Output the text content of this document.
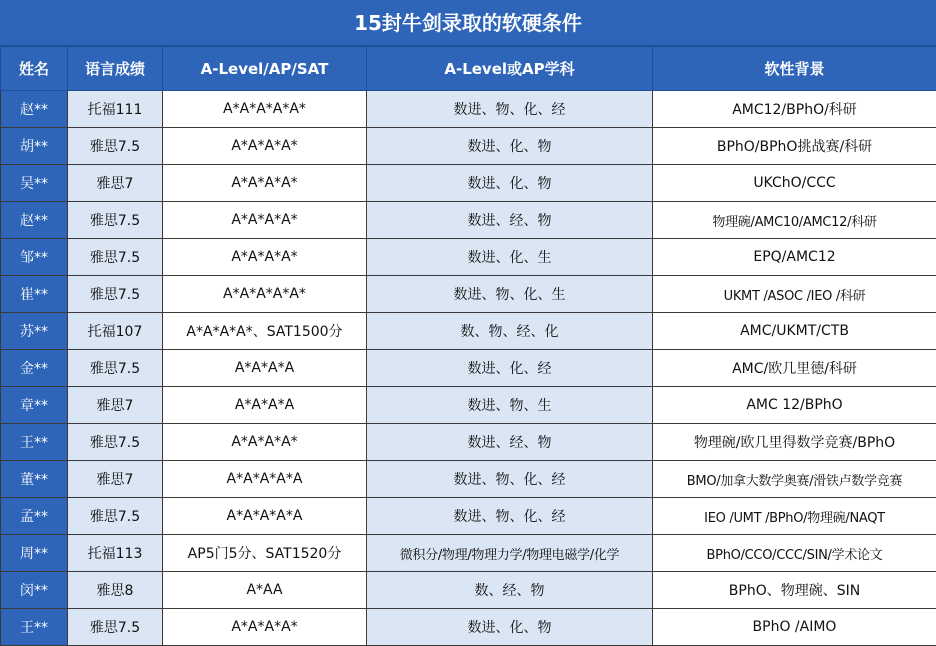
15封牛剑录取的软硬条件
姓名	语言成绩	A-Level/AP/SAT	A-Level或AP学科	软性背景
赵**	托福111	A*A*A*A*A*	数进、物、化、经	AMC12/BPhO/科研
胡**	雅思7.5	A*A*A*A*	数进、化、物	BPhO/BPhO挑战赛/科研
吴**	雅思7	A*A*A*A*	数进、化、物	UKChO/CCC
赵**	雅思7.5	A*A*A*A*	数进、经、物	物理碗/AMC10/AMC12/科研
邹**	雅思7.5	A*A*A*A*	数进、化、生	EPQ/AMC12
崔**	雅思7.5	A*A*A*A*A*	数进、物、化、生	UKMT /ASOC /IEO /科研
苏**	托福107	A*A*A*A*、SAT1500分	数、物、经、化	AMC/UKMT/CTB
金**	雅思7.5	A*A*A*A	数进、化、经	AMC/欧几里德/科研
章**	雅思7	A*A*A*A	数进、物、生	AMC 12/BPhO
王**	雅思7.5	A*A*A*A*	数进、经、物	物理碗/欧几里得数学竞赛/BPhO
董**	雅思7	A*A*A*A*A	数进、物、化、经	BMO/加拿大数学奥赛/滑铁卢数学竞赛
孟**	雅思7.5	A*A*A*A*A	数进、物、化、经	IEO /UMT /BPhO/物理碗/NAQT
周**	托福113	AP5门5分、SAT1520分	微积分/物理/物理力学/物理电磁学/化学	BPhO/CCO/CCC/SIN/学术论文
闵**	雅思8	A*AA	数、经、物	BPhO、物理碗、SIN
王**	雅思7.5	A*A*A*A*	数进、化、物	BPhO /AIMO
